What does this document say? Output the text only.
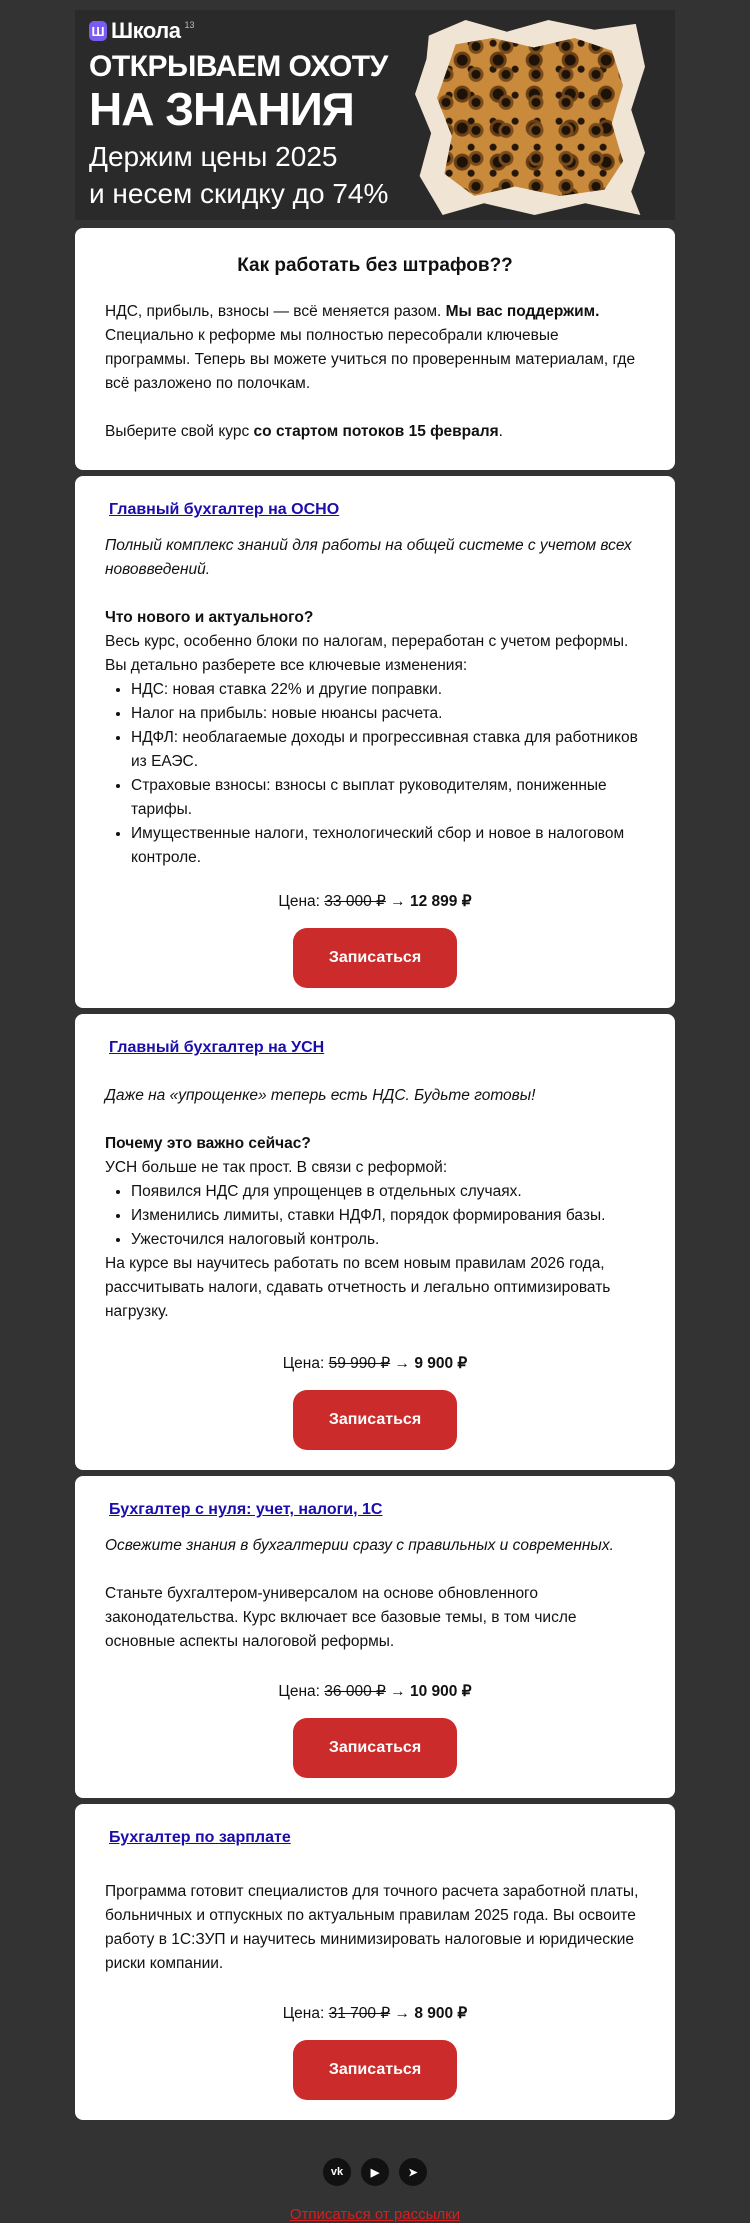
Ш Школа 13
ОТКРЫВАЕМ ОХОТУ
НА ЗНАНИЯ
Держим цены 2025
и несем скидку до 74%
Как работать без штрафов??

НДС, прибыль, взносы — всё меняется разом. Мы вас поддержим. Специально к реформе мы полностью пересобрали ключевые программы. Теперь вы можете учиться по проверенным материалам, где всё разложено по полочкам.

Выберите свой курс со стартом потоков 15 февраля.

Главный бухгалтер на ОСНО

Полный комплекс знаний для работы на общей системе с учетом всех нововведений.

Что нового и актуального?

Весь курс, особенно блоки по налогам, переработан с учетом реформы. Вы детально разберете все ключевые изменения:

• НДС: новая ставка 22% и другие поправки.
• Налог на прибыль: новые нюансы расчета.
• НДФЛ: необлагаемые доходы и прогрессивная ставка для работников из ЕАЭС.
• Страховые взносы: взносы с выплат руководителям, пониженные тарифы.
• Имущественные налоги, технологический сбор и новое в налоговом контроле.
Цена: 33 000 ₽ → 12 899 ₽
Записаться
Главный бухгалтер на УСН

Даже на «упрощенке» теперь есть НДС. Будьте готовы!

Почему это важно сейчас?

УСН больше не так прост. В связи с реформой:

• Появился НДС для упрощенцев в отдельных случаях.
• Изменились лимиты, ставки НДФЛ, порядок формирования базы.
• Ужесточился налоговый контроль.

На курсе вы научитесь работать по всем новым правилам 2026 года, рассчитывать налоги, сдавать отчетность и легально оптимизировать нагрузку.

Цена: 59 990 ₽ → 9 900 ₽
Записаться
Бухгалтер с нуля: учет, налоги, 1С

Освежите знания в бухгалтерии сразу с правильных и современных.

Станьте бухгалтером-универсалом на основе обновленного законодательства. Курс включает все базовые темы, в том числе основные аспекты налоговой реформы.

Цена: 36 000 ₽ → 10 900 ₽
Записаться
Бухгалтер по зарплате

Программа готовит специалистов для точного расчета заработной платы, больничных и отпускных по актуальным правилам 2025 года. Вы освоите работу в 1С:ЗУП и научитесь минимизировать налоговые и юридические риски компании.

Цена: 31 700 ₽ → 8 900 ₽
Записаться
vk	▶	➤
Отписаться от рассылки
